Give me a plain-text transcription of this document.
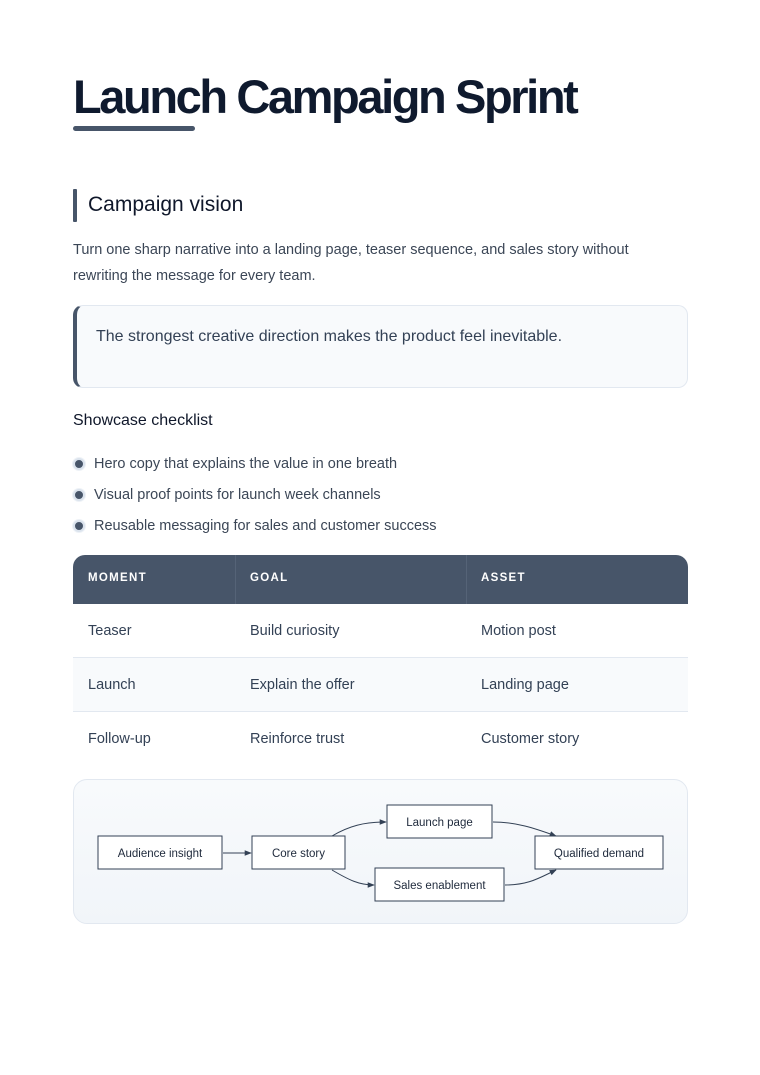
Launch Campaign Sprint
Campaign vision

Turn one sharp narrative into a landing page, teaser sequence, and sales story without rewriting the message for every team.

The strongest creative direction makes the product feel inevitable.

Showcase checklist
Hero copy that explains the value in one breath
Visual proof points for launch week channels
Reusable messaging for sales and customer success
MOMENT	GOAL	ASSET
Teaser	Build curiosity	Motion post
Launch	Explain the offer	Landing page
Follow-up	Reinforce trust	Customer story
Audience insight	Core story
Launch page
Sales enablement
Qualified demand
